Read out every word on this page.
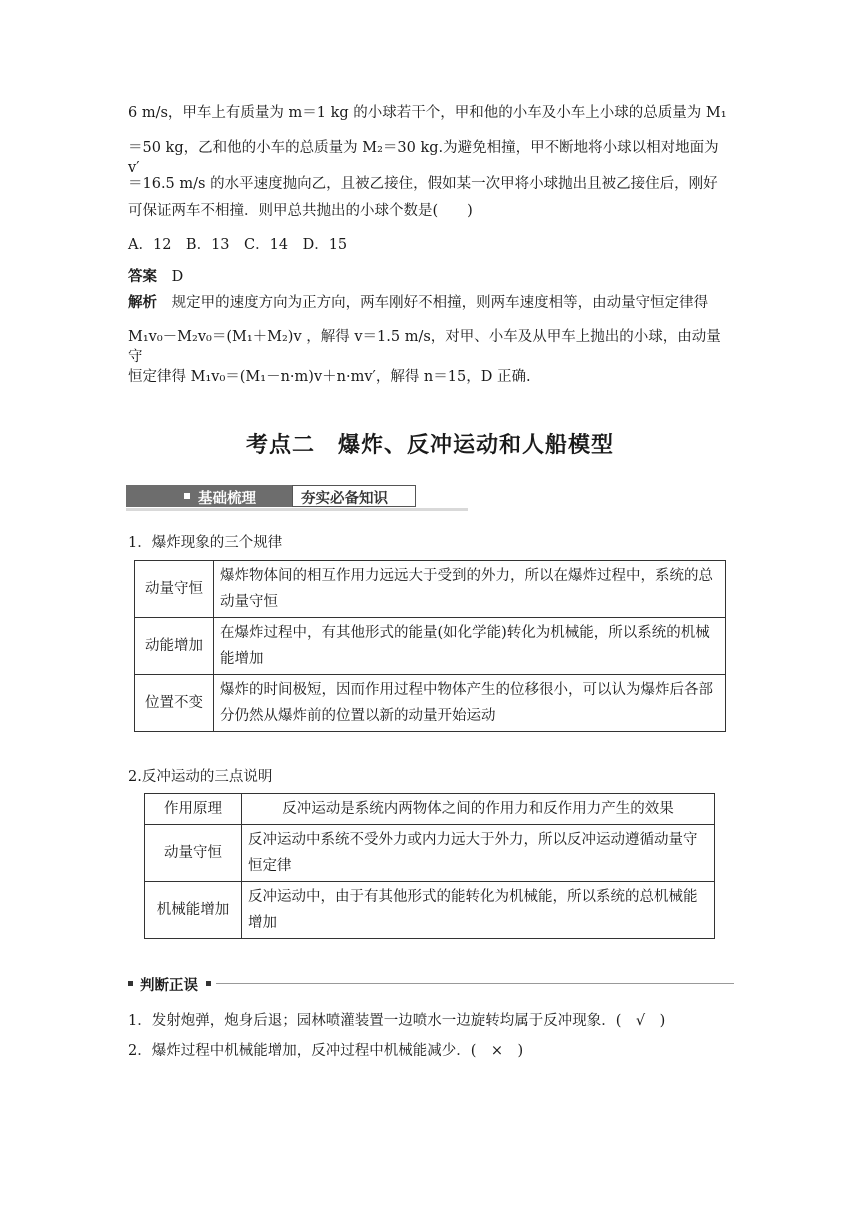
6 m/s，甲车上有质量为 m＝1 kg 的小球若干个，甲和他的小车及小车上小球的总质量为 M₁
＝50 kg，乙和他的小车的总质量为 M₂＝30 kg.为避免相撞，甲不断地将小球以相对地面为 v′
＝16.5 m/s 的水平速度抛向乙，且被乙接住，假如某一次甲将小球抛出且被乙接住后，刚好
可保证两车不相撞．则甲总共抛出的小球个数是(　　)
A．12　B．13　C．14　D．15
答案 D
解析 规定甲的速度方向为正方向，两车刚好不相撞，则两车速度相等，由动量守恒定律得
M₁v₀－M₂v₀＝(M₁＋M₂)v ，解得 v＝1.5 m/s，对甲、小车及从甲车上抛出的小球，由动量守
恒定律得 M₁v₀＝(M₁－n·m)v＋n·mv′，解得 n＝15，D 正确.
考点二　爆炸、反冲运动和人船模型
基础梳理	夯实必备知识
1．爆炸现象的三个规律
动量守恒	爆炸物体间的相互作用力远远大于受到的外力，所以在爆炸过程中，系统的总动量守恒
动能增加	在爆炸过程中，有其他形式的能量(如化学能)转化为机械能，所以系统的机械能增加
位置不变	爆炸的时间极短，因而作用过程中物体产生的位移很小，可以认为爆炸后各部分仍然从爆炸前的位置以新的动量开始运动
2.反冲运动的三点说明
作用原理	反冲运动是系统内两物体之间的作用力和反作用力产生的效果
动量守恒	反冲运动中系统不受外力或内力远大于外力，所以反冲运动遵循动量守恒定律
机械能增加	反冲运动中，由于有其他形式的能转化为机械能，所以系统的总机械能增加
判断正误
1．发射炮弹，炮身后退；园林喷灌装置一边喷水一边旋转均属于反冲现象．(　√　)
2．爆炸过程中机械能增加，反冲过程中机械能减少．(　×　)
